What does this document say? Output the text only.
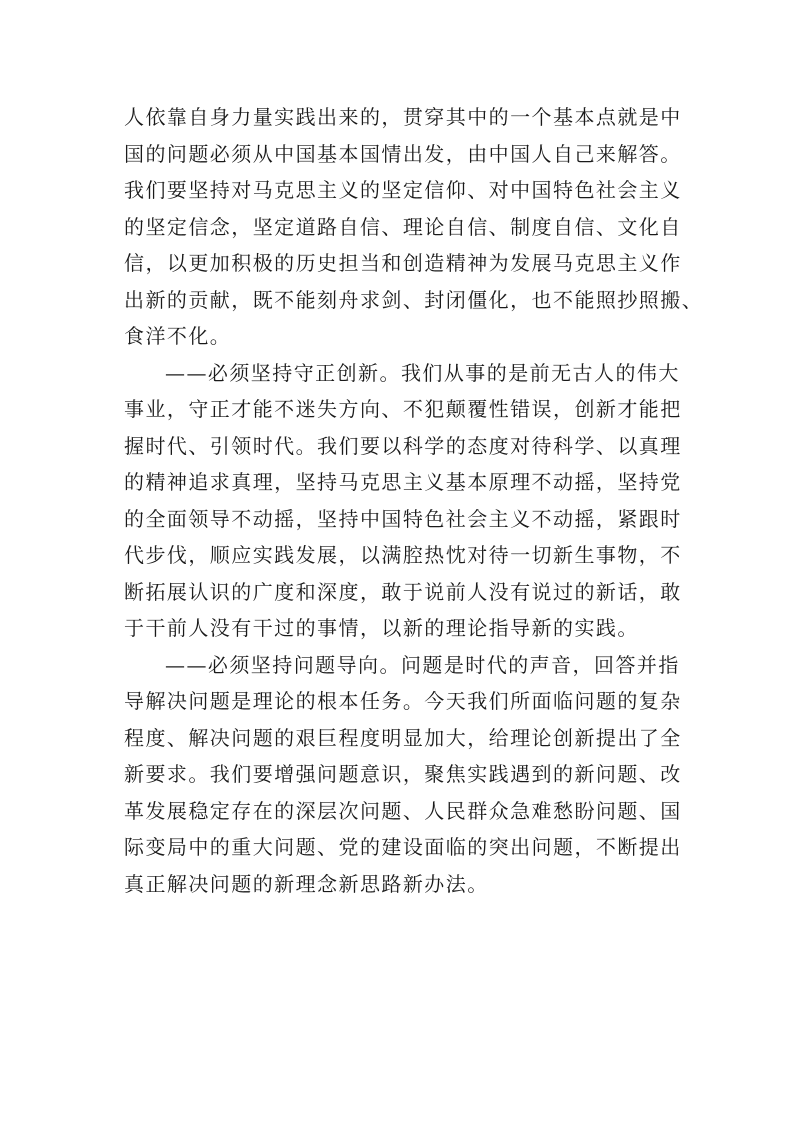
人依靠自身力量实践出来的，贯穿其中的一个基本点就是中
国的问题必须从中国基本国情出发，由中国人自己来解答。
我们要坚持对马克思主义的坚定信仰、对中国特色社会主义
的坚定信念，坚定道路自信、理论自信、制度自信、文化自
信，以更加积极的历史担当和创造精神为发展马克思主义作
出新的贡献，既不能刻舟求剑、封闭僵化，也不能照抄照搬、
食洋不化。
——必须坚持守正创新。我们从事的是前无古人的伟大
事业，守正才能不迷失方向、不犯颠覆性错误，创新才能把
握时代、引领时代。我们要以科学的态度对待科学、以真理
的精神追求真理，坚持马克思主义基本原理不动摇，坚持党
的全面领导不动摇，坚持中国特色社会主义不动摇，紧跟时
代步伐，顺应实践发展，以满腔热忱对待一切新生事物，不
断拓展认识的广度和深度，敢于说前人没有说过的新话，敢
于干前人没有干过的事情，以新的理论指导新的实践。
——必须坚持问题导向。问题是时代的声音，回答并指
导解决问题是理论的根本任务。今天我们所面临问题的复杂
程度、解决问题的艰巨程度明显加大，给理论创新提出了全
新要求。我们要增强问题意识，聚焦实践遇到的新问题、改
革发展稳定存在的深层次问题、人民群众急难愁盼问题、国
际变局中的重大问题、党的建设面临的突出问题，不断提出
真正解决问题的新理念新思路新办法。
